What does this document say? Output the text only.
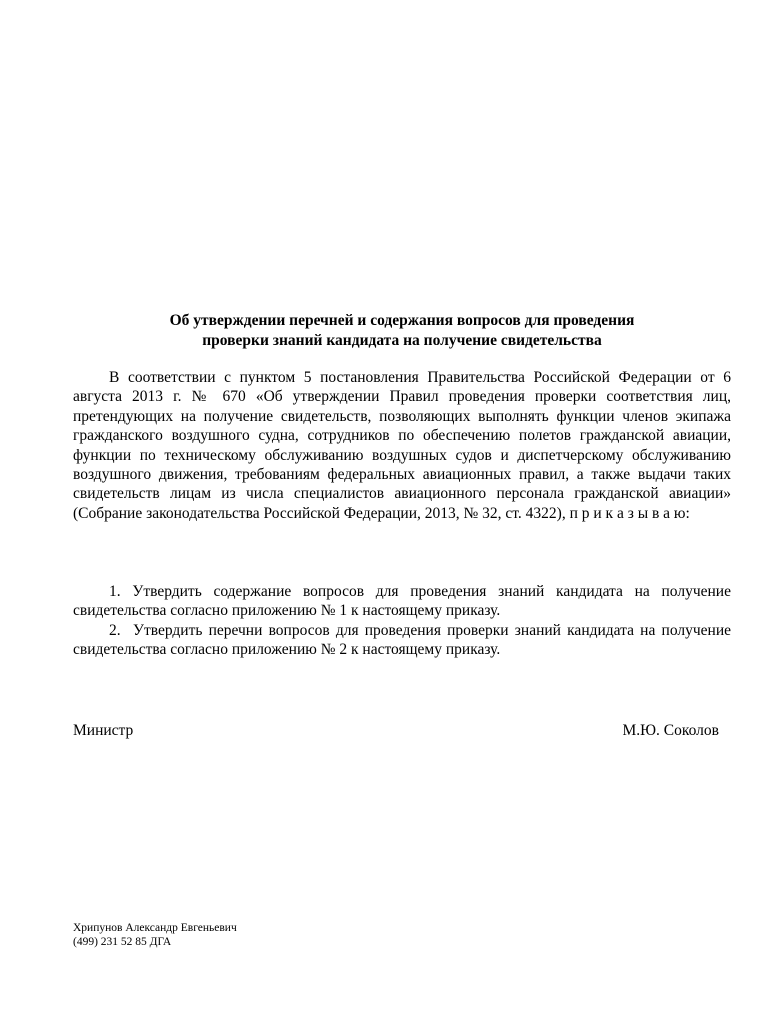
Об утверждении перечней и содержания вопросов для проведения
проверки знаний кандидата на получение свидетельства

В соответствии с пунктом 5 постановления Правительства Российской Федерации от 6 августа 2013 г. № 670 «Об утверждении Правил проведения проверки соответствия лиц, претендующих на получение свидетельств, позволяющих выполнять функции членов экипажа гражданского воздушного судна, сотрудников по обеспечению полетов гражданской авиации, функции по техническому обслуживанию воздушных судов и диспетчерскому обслуживанию воздушного движения, требованиям федеральных авиационных правил, а также выдачи таких свидетельств лицам из числа специалистов авиационного персонала гражданской авиации» (Собрание законодательства Российской Федерации, 2013, № 32, ст. 4322), п р и к а з ы в а ю:

1. Утвердить содержание вопросов для проведения знаний кандидата на получение свидетельства согласно приложению № 1 к настоящему приказу.

2. Утвердить перечни вопросов для проведения проверки знаний кандидата на получение свидетельства согласно приложению № 2 к настоящему приказу.

Министр	М.Ю. Соколов
Хрипунов Александр Евгеньевич
(499) 231 52 85 ДГА
